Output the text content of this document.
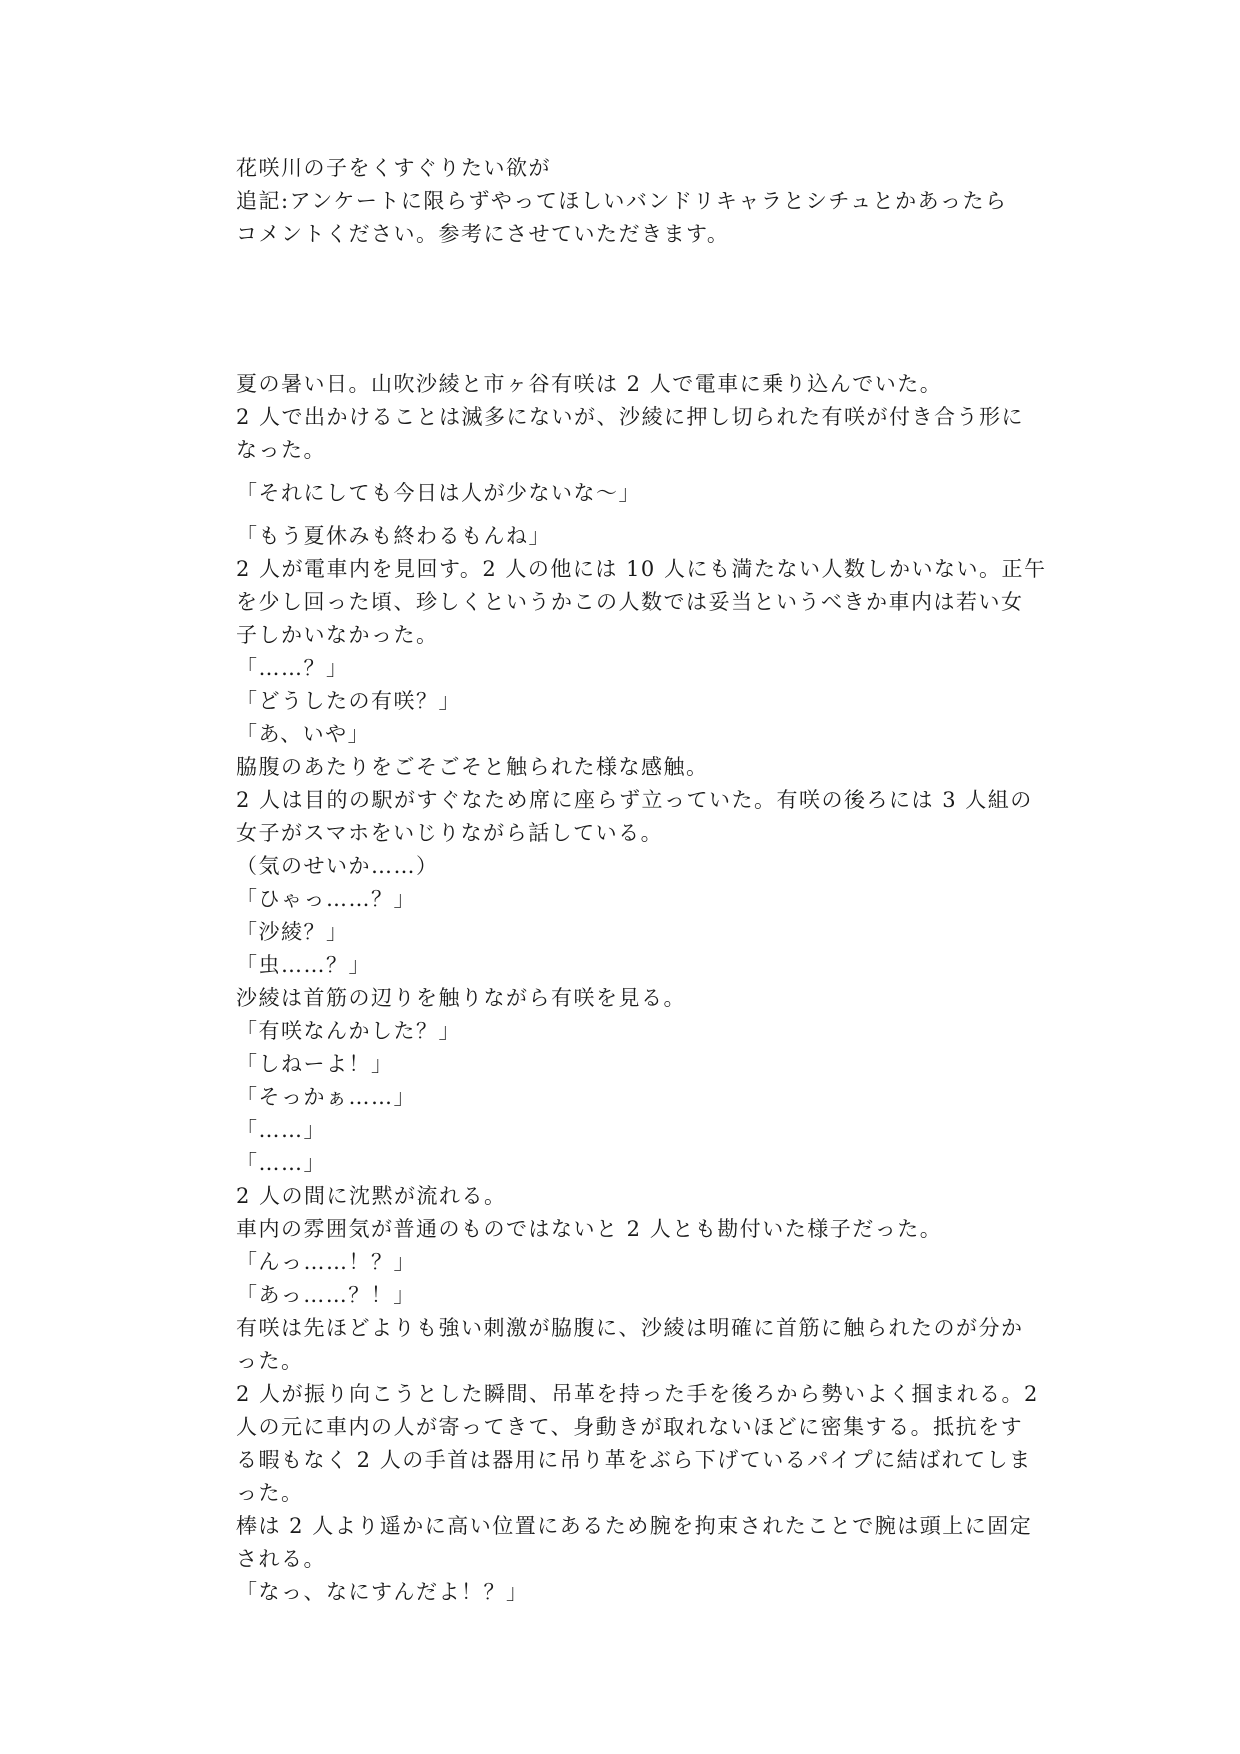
花咲川の子をくすぐりたい欲が
追記:アンケートに限らずやってほしいバンドリキャラとシチュとかあったら
コメントください。参考にさせていただきます。
夏の暑い日。山吹沙綾と市ヶ谷有咲は 2 人で電車に乗り込んでいた。
2 人で出かけることは滅多にないが、沙綾に押し切られた有咲が付き合う形に
なった。
「それにしても今日は人が少ないな〜」
「もう夏休みも終わるもんね」
2 人が電車内を見回す。2 人の他には 10 人にも満たない人数しかいない。正午
を少し回った頃、珍しくというかこの人数では妥当というべきか車内は若い女
子しかいなかった。
「……？」
「どうしたの有咲？」
「あ、いや」
脇腹のあたりをごそごそと触られた様な感触。
2 人は目的の駅がすぐなため席に座らず立っていた。有咲の後ろには 3 人組の
女子がスマホをいじりながら話している。
（気のせいか……）
「ひゃっ……？」
「沙綾？」
「虫……？」
沙綾は首筋の辺りを触りながら有咲を見る。
「有咲なんかした？」
「しねーよ！」
「そっかぁ……」
「……」
「……」
2 人の間に沈黙が流れる。
車内の雰囲気が普通のものではないと 2 人とも勘付いた様子だった。
「んっ……！？」
「あっ……？！」
有咲は先ほどよりも強い刺激が脇腹に、沙綾は明確に首筋に触られたのが分か
った。
2 人が振り向こうとした瞬間、吊革を持った手を後ろから勢いよく掴まれる。2
人の元に車内の人が寄ってきて、身動きが取れないほどに密集する。抵抗をす
る暇もなく 2 人の手首は器用に吊り革をぶら下げているパイプに結ばれてしま
った。
棒は 2 人より遥かに高い位置にあるため腕を拘束されたことで腕は頭上に固定
される。
「なっ、なにすんだよ！？」
